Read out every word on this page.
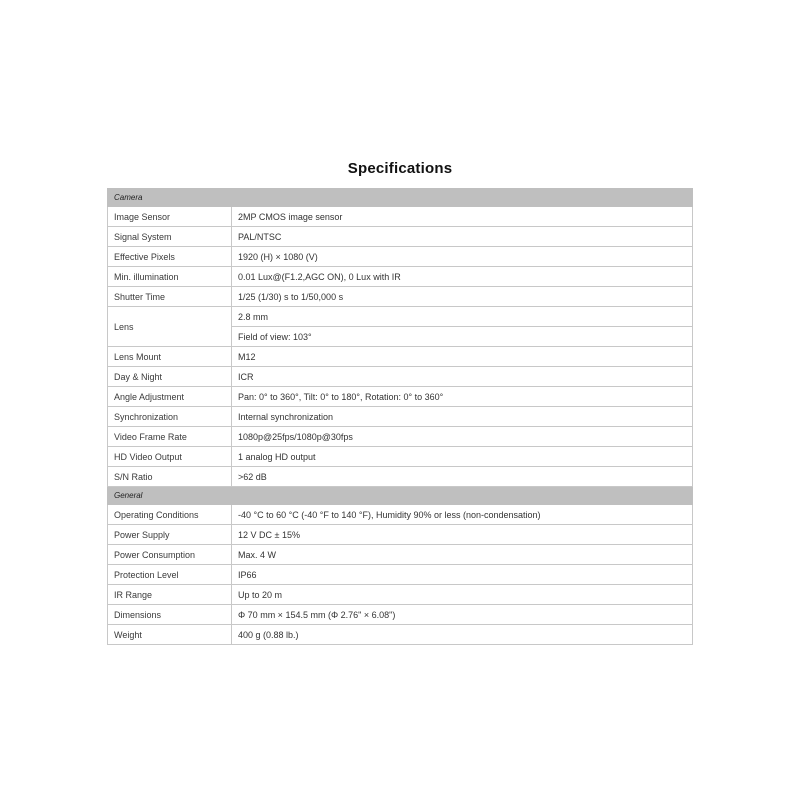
Specifications
Camera	
Image Sensor	2MP CMOS image sensor
Signal System	PAL/NTSC
Effective Pixels	1920 (H) × 1080 (V)
Min. illumination	0.01 Lux@(F1.2,AGC ON), 0 Lux with IR
Shutter Time	1/25 (1/30) s to 1/50,000 s
Lens	2.8 mm
	Field of view: 103°
Lens Mount	M12
Day & Night	ICR
Angle Adjustment	Pan: 0° to 360°, Tilt: 0° to 180°, Rotation: 0° to 360°
Synchronization	Internal synchronization
Video Frame Rate	1080p@25fps/1080p@30fps
HD Video Output	1 analog HD output
S/N Ratio	>62 dB
General	
Operating Conditions	-40 °C to 60 °C (-40 °F to 140 °F), Humidity 90% or less (non-condensation)
Power Supply	12 V DC ± 15%
Power Consumption	Max. 4 W
Protection Level	IP66
IR Range	Up to 20 m
Dimensions	Φ 70 mm × 154.5 mm (Φ 2.76" × 6.08")
Weight	400 g (0.88 lb.)
